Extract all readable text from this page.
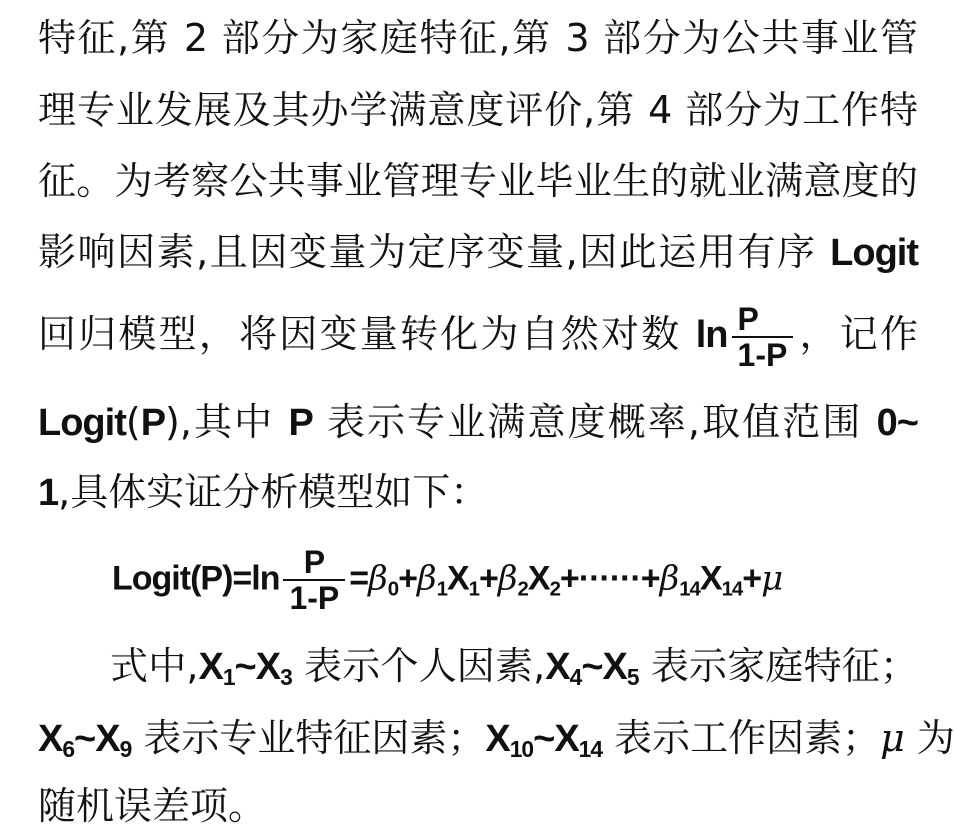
特征,第 2 部分为家庭特征,第 3 部分为公共事业管
理专业发展及其办学满意度评价,第 4 部分为工作特
征。为考察公共事业管理专业毕业生的就业满意度的
影响因素,且因变量为定序变量,因此运用有序 Logit
回归模型，将因变量转化为自然对数 $\ln \frac{P}{1-P}$ ，记作
Logit(P),其中 P 表示专业满意度概率,取值范围 0~
1,具体实证分析模型如下：
Logit(P)=ln $\frac{P}{1-P} =\beta_0+\beta_1X_1+\beta_2X_2+\cdot\cdot\cdot\cdot\cdot\cdot+\beta_{14}X_{14}+\mu$
式中$,X_1\sim X_3$ 表示个人因素$,X_4\sim X_5$ 表示家庭特征；
$X_6\sim X_9$ 表示专业特征因素；$X_{10}\sim X_{14}$ 表示工作因素；μ 为
随机误差项。
